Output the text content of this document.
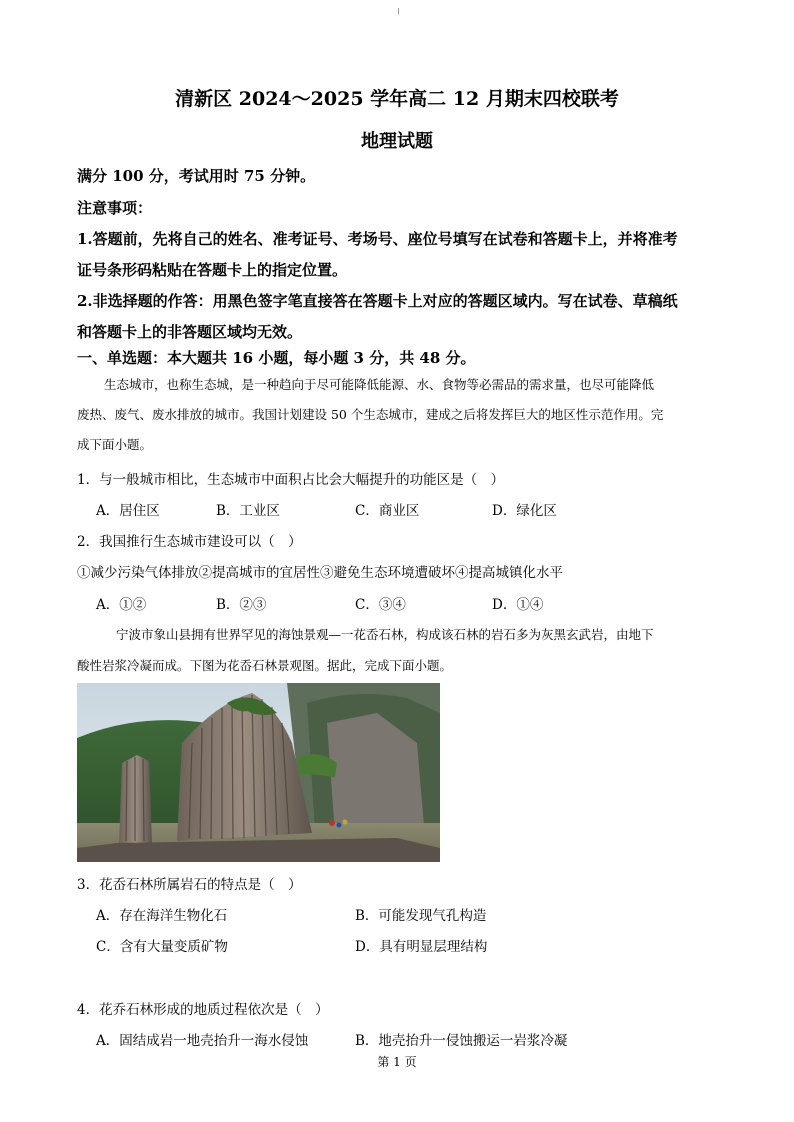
清新区 2024～2025 学年高二 12 月期末四校联考
地理试题
满分 100 分，考试用时 75 分钟。
注意事项：
1.答题前，先将自己的姓名、准考证号、考场号、座位号填写在试卷和答题卡上，并将准考
证号条形码粘贴在答题卡上的指定位置。
2.非选择题的作答：用黑色签字笔直接答在答题卡上对应的答题区域内。写在试卷、草稿纸
和答题卡上的非答题区域均无效。
一、单选题：本大题共 16 小题，每小题 3 分，共 48 分。
生态城市，也称生态城，是一种趋向于尽可能降低能源、水、食物等必需品的需求量，也尽可能降低
废热、废气、废水排放的城市。我国计划建设 50 个生态城市，建成之后将发挥巨大的地区性示范作用。完
成下面小题。
1．与一般城市相比，生态城市中面积占比会大幅提升的功能区是（　）
A．居住区	B．工业区	C．商业区	D．绿化区
2．我国推行生态城市建设可以（　）
①减少污染气体排放②提高城市的宜居性③避免生态环境遭破坏④提高城镇化水平
A．①②	B．②③	C．③④	D．①④
宁波市象山县拥有世界罕见的海蚀景观—一花岙石林，构成该石林的岩石多为灰黑玄武岩，由地下
酸性岩浆冷凝而成。下图为花岙石林景观图。据此，完成下面小题。
3．花岙石林所属岩石的特点是（　）
A．存在海洋生物化石	B．可能发现气孔构造
C．含有大量变质矿物	D．具有明显层理结构
4．花乔石林形成的地质过程依次是（　）
A．固结成岩一地壳抬升一海水侵蚀	B．地壳抬升一侵蚀搬运一岩浆冷凝
第 1 页
